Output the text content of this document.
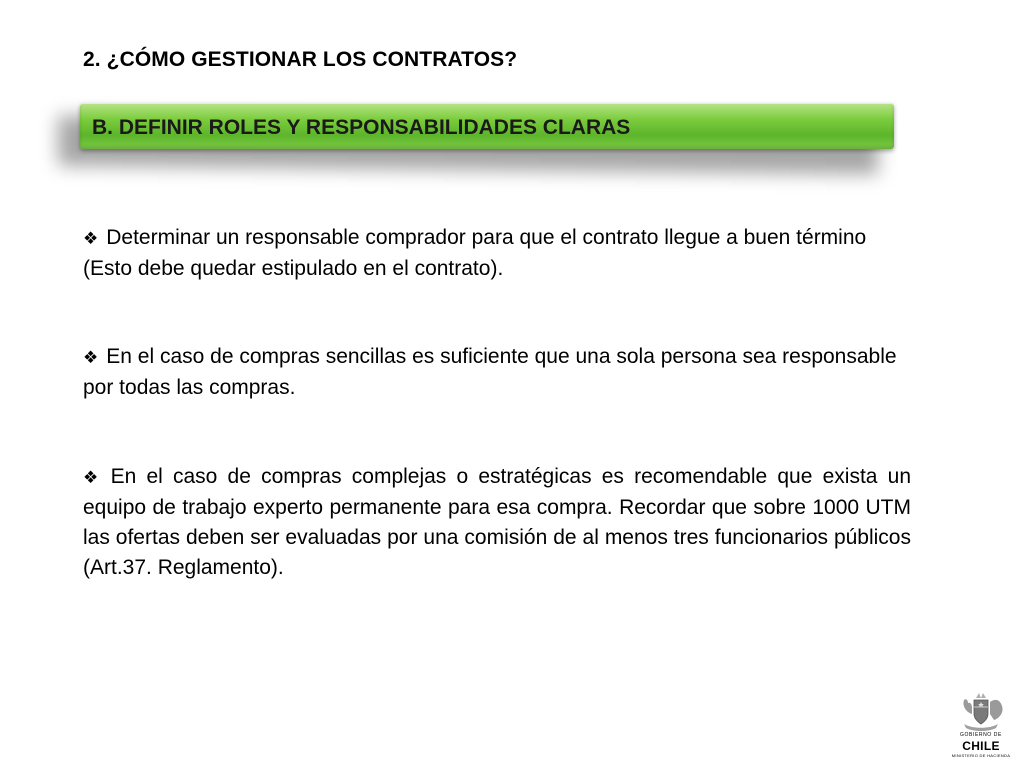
2. ¿CÓMO GESTIONAR LOS CONTRATOS?
B. DEFINIR ROLES Y RESPONSABILIDADES CLARAS
❖ Determinar un responsable comprador para que el contrato llegue a buen término (Esto debe quedar estipulado en el contrato).
❖ En el caso de compras sencillas es suficiente que una sola persona sea responsable por todas las compras.
❖ En el caso de compras complejas o estratégicas es recomendable que exista un equipo de trabajo experto permanente para esa compra. Recordar que sobre 1000 UTM las ofertas deben ser evaluadas por una comisión de al menos tres funcionarios públicos (Art.37. Reglamento).
GOBIERNO DE
CHILE
MINISTERIO DE HACIENDA
